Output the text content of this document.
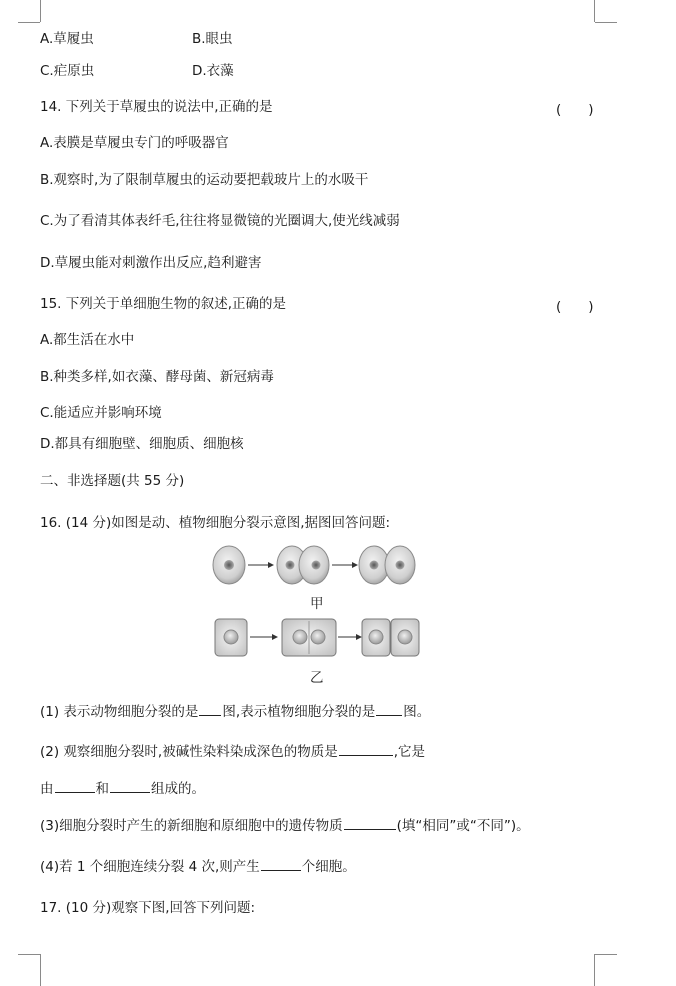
A.草履虫	B.眼虫
C.疟原虫	D.衣藻
14. 下列关于草履虫的说法中,正确的是	(　　)
A.表膜是草履虫专门的呼吸器官
B.观察时,为了限制草履虫的运动要把载玻片上的水吸干
C.为了看清其体表纤毛,往往将显微镜的光圈调大,使光线减弱
D.草履虫能对刺激作出反应,趋利避害
15. 下列关于单细胞生物的叙述,正确的是	(　　)
A.都生活在水中
B.种类多样,如衣藻、酵母菌、新冠病毒
C.能适应并影响环境
D.都具有细胞壁、细胞质、细胞核
二、非选择题(共 55 分)
16. (14 分)如图是动、植物细胞分裂示意图,据图回答问题:
甲
乙
(1) 表示动物细胞分裂的是 图,表示植物细胞分裂的是 图。
(2) 观察细胞分裂时,被碱性染料染成深色的物质是	,它是
由	和	组成的。
(3)细胞分裂时产生的新细胞和原细胞中的遗传物质	(填“相同”或“不同”)。
(4)若 1 个细胞连续分裂 4 次,则产生	个细胞。
17. (10 分)观察下图,回答下列问题:
